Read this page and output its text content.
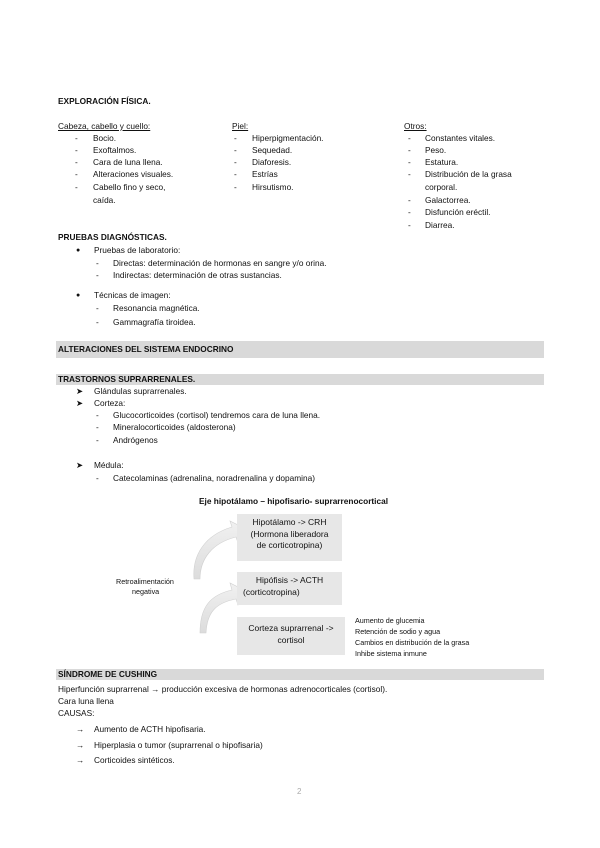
EXPLORACIÓN FÍSICA.
Cabeza, cabello y cuello:
- Bocio.
- Exoftalmos.
- Cara de luna llena.
- Alteraciones visuales.
- Cabello fino y seco,
caída.
Piel:
- Hiperpigmentación.
- Sequedad.
- Diaforesis.
- Estrías
- Hirsutismo.
Otros:
- Constantes vitales.
- Peso.
- Estatura.
- Distribución de la grasa
corporal.
- Galactorrea.
- Disfunción eréctil.
- Diarrea.
PRUEBAS DIAGNÓSTICAS.
● Pruebas de laboratorio:
- Directas: determinación de hormonas en sangre y/o orina.
- Indirectas: determinación de otras sustancias.
● Técnicas de imagen:
- Resonancia magnética.
- Gammagrafía tiroidea.
ALTERACIONES DEL SISTEMA ENDOCRINO
TRASTORNOS SUPRARRENALES.
➤ Glándulas suprarrenales.
➤ Corteza:
- Glucocorticoides (cortisol) tendremos cara de luna llena.
- Mineralocorticoides (aldosterona)
- Andrógenos
➤ Médula:
- Catecolaminas (adrenalina, noradrenalina y dopamina)
Eje hipotálamo – hipofisario- suprarrenocortical
Hipotálamo -> CRH
(Hormona liberadora
de corticotropina)
Hipófisis -> ACTH
(corticotropina)
Corteza suprarrenal ->
cortisol
Retroalimentación
negativa
Aumento de glucemia
Retención de sodio y agua
Cambios en distribución de la grasa
Inhibe sistema inmune
SÍNDROME DE CUSHING
Hiperfunción suprarrenal → producción excesiva de hormonas adrenocorticales (cortisol).
Cara luna llena
CAUSAS:
→ Aumento de ACTH hipofisaria.
→ Hiperplasia o tumor (suprarrenal o hipofisaria)
→ Corticoides sintéticos.
2
